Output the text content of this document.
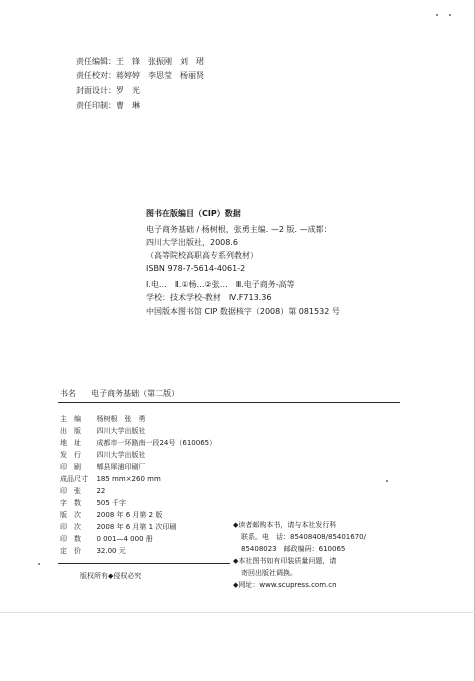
责任编辑：王　锋　张振刚　刘　珺
责任校对：蒋婷婷　李思莹　杨丽贤
封面设计：罗　光
责任印制：曹　琳
图书在版编目（CIP）数据
电子商务基础 / 杨树根，张勇主编. —2 版. —成都：
四川大学出版社，2008.6
（高等院校高职高专系列教材）
ISBN 978-7-5614-4061-2
Ⅰ.电…　Ⅱ.①杨…②张…　Ⅲ.电子商务-高等
学校：技术学校-教材　Ⅳ.F713.36
中国版本图书馆 CIP 数据核字（2008）第 081532 号
书名 电子商务基础（第二版）
主　编 杨树根　张　勇
出　版 四川大学出版社
地　址 成都市一环路南一段24号（610065）
发　行 四川大学出版社
印　刷 郫县犀浦印刷厂
成品尺寸 185 mm×260 mm
印　张 22
字　数 505 千字
版　次 2008 年 6 月第 2 版
印　次 2008 年 6 月第 1 次印刷
印　数 0 001—4 000 册
定　价 32.00 元
版权所有◆侵权必究
◆读者邮购本书，请与本社发行科
联系。电　话：85408408/85401670/
85408023　邮政编码：610065
◆本社图书如有印装质量问题，请
寄回出版社调换。
◆网址：www.scupress.com.cn
